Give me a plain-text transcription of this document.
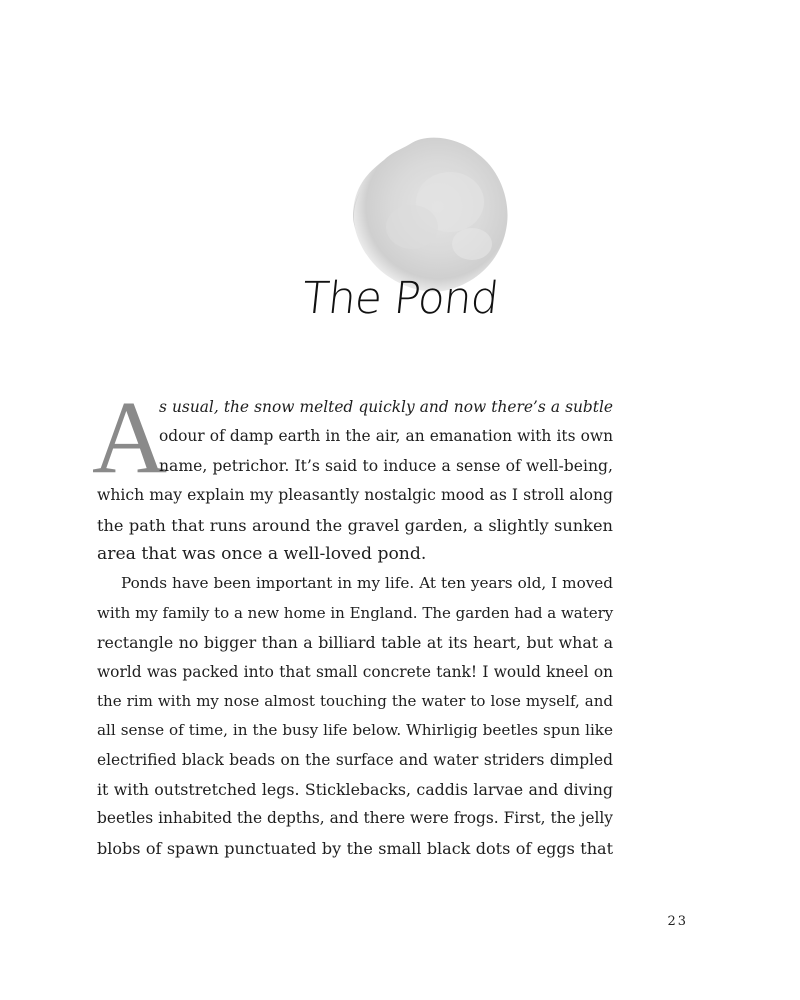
The Pond
A
s usual, the snow melted quickly and now there’s a subtle
odour of damp earth in the air, an emanation with its own
name, petrichor. It’s said to induce a sense of well-being,
which may explain my pleasantly nostalgic mood as I stroll along
the path that runs around the gravel garden, a slightly sunken
area that was once a well-loved pond.
Ponds have been important in my life. At ten years old, I moved
with my family to a new home in England. The garden had a watery
rectangle no bigger than a billiard table at its heart, but what a
world was packed into that small concrete tank! I would kneel on
the rim with my nose almost touching the water to lose myself, and
all sense of time, in the busy life below. Whirligig beetles spun like
electrified black beads on the surface and water striders dimpled
it with outstretched legs. Sticklebacks, caddis larvae and diving
beetles inhabited the depths, and there were frogs. First, the jelly
blobs of spawn punctuated by the small black dots of eggs that
23
